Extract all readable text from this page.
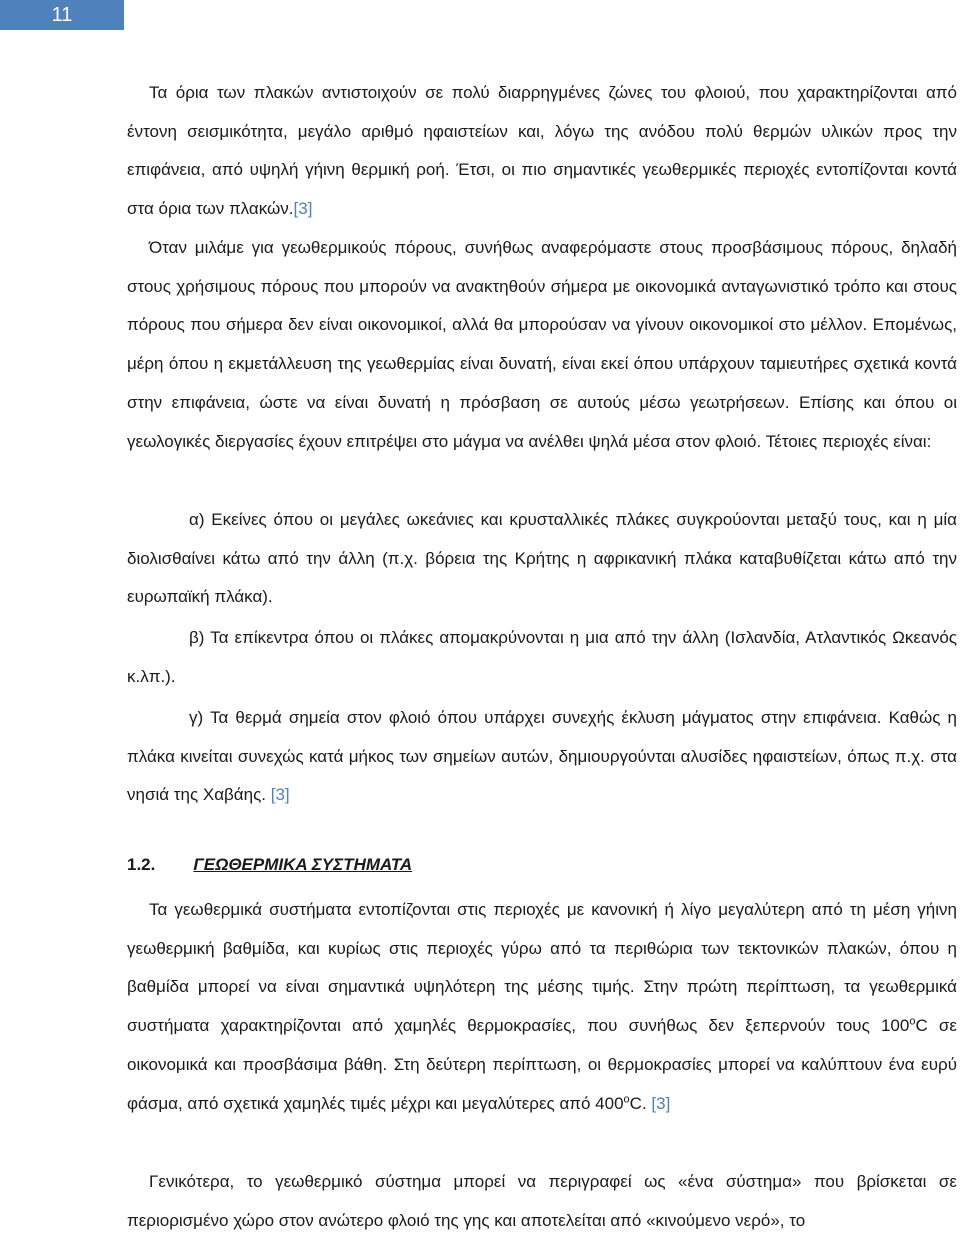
11

Τα όρια των πλακών αντιστοιχούν σε πολύ διαρρηγμένες ζώνες του φλοιού, που χαρακτηρίζονται από έντονη σεισμικότητα, μεγάλο αριθμό ηφαιστείων και, λόγω της ανόδου πολύ θερμών υλικών προς την επιφάνεια, από υψηλή γήινη θερμική ροή. Έτσι, οι πιο σημαντικές γεωθερμικές περιοχές εντοπίζονται κοντά στα όρια των πλακών.[3]

Όταν μιλάμε για γεωθερμικούς πόρους, συνήθως αναφερόμαστε στους προσβάσιμους πόρους, δηλαδή στους χρήσιμους πόρους που μπορούν να ανακτηθούν σήμερα με οικονομικά ανταγωνιστικό τρόπο και στους πόρους που σήμερα δεν είναι οικονομικοί, αλλά θα μπορούσαν να γίνουν οικονομικοί στο μέλλον. Επομένως, μέρη όπου η εκμετάλλευση της γεωθερμίας είναι δυνατή, είναι εκεί όπου υπάρχουν ταμιευτήρες σχετικά κοντά στην επιφάνεια, ώστε να είναι δυνατή η πρόσβαση σε αυτούς μέσω γεωτρήσεων. Επίσης και όπου οι γεωλογικές διεργασίες έχουν επιτρέψει στο μάγμα να ανέλθει ψηλά μέσα στον φλοιό. Τέτοιες περιοχές είναι:

α) Εκείνες όπου οι μεγάλες ωκεάνιες και κρυσταλλικές πλάκες συγκρούονται μεταξύ τους, και η μία διολισθαίνει κάτω από την άλλη (π.χ. βόρεια της Κρήτης η αφρικανική πλάκα καταβυθίζεται κάτω από την ευρωπαϊκή πλάκα).

β) Τα επίκεντρα όπου οι πλάκες απομακρύνονται η μια από την άλλη (Ισλανδία, Ατλαντικός Ωκεανός κ.λπ.).

γ) Τα θερμά σημεία στον φλοιό όπου υπάρχει συνεχής έκλυση μάγματος στην επιφάνεια. Καθώς η πλάκα κινείται συνεχώς κατά μήκος των σημείων αυτών, δημιουργούνται αλυσίδες ηφαιστείων, όπως π.χ. στα νησιά της Χαβάης. [3]

1.2. ΓΕΩΘΕΡΜΙΚΑ ΣΥΣΤΗΜΑΤΑ

Τα γεωθερμικά συστήματα εντοπίζονται στις περιοχές με κανονική ή λίγο μεγαλύτερη από τη μέση γήινη γεωθερμική βαθμίδα, και κυρίως στις περιοχές γύρω από τα περιθώρια των τεκτονικών πλακών, όπου η βαθμίδα μπορεί να είναι σημαντικά υψηλότερη της μέσης τιμής. Στην πρώτη περίπτωση, τα γεωθερμικά συστήματα χαρακτηρίζονται από χαμηλές θερμοκρασίες, που συνήθως δεν ξεπερνούν τους $100^oC$ σε οικονομικά και προσβάσιμα βάθη. Στη δεύτερη περίπτωση, οι θερμοκρασίες μπορεί να καλύπτουν ένα ευρύ φάσμα, από σχετικά χαμηλές τιμές μέχρι και μεγαλύτερες από $400^oC$. [3]

Γενικότερα, το γεωθερμικό σύστημα μπορεί να περιγραφεί ως «ένα σύστημα» που βρίσκεται σε περιορισμένο χώρο στον ανώτερο φλοιό της γης και αποτελείται από «κινούμενο νερό», το
